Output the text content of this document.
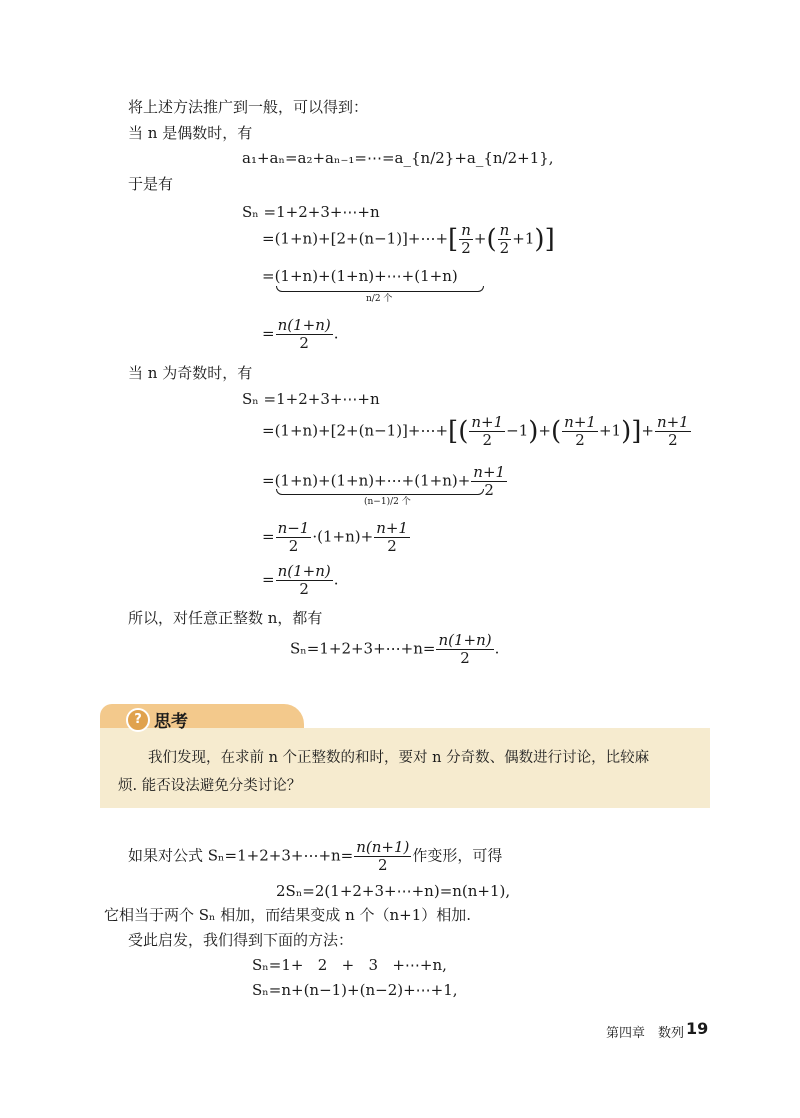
将上述方法推广到一般，可以得到：
当 n 是偶数时，有
a₁+aₙ=a₂+aₙ₋₁=⋯=a_{n/2}+a_{n/2+1},
于是有
Sₙ =1+2+3+⋯+n
=(1+n)+[2+(n−1)]+⋯+[ $\frac{n}{2}$ +( $\frac{n}{2} +1$)]
=(1+n)+(1+n)+⋯+(1+n)
n/2 个
= $\frac{n(1+n)}{2}$ .
当 n 为奇数时，有
Sₙ =1+2+3+⋯+n
=(1+n)+[2+(n−1)]+⋯+[( $\frac{n+1}{2} -1)+( \frac{n+1}{2} +1)]+ \frac{n+1}{2}$
=(1+n)+(1+n)+⋯+(1+n)+ $\frac{n+1}{2}$
(n−1)/2 个
= $\frac{n-1}{2} \cdot(1+n)+ \frac{n+1}{2}$
= $\frac{n(1+n)}{2}$ .
所以，对任意正整数 n，都有
Sₙ=1+2+3+⋯+n= $\frac{n(1+n)}{2}$ .
? 思考
我们发现，在求前 n 个正整数的和时，要对 n 分奇数、偶数进行讨论，比较麻
烦. 能否设法避免分类讨论？
如果对公式 Sₙ=1+2+3+⋯+n= $\frac{n(n+1)}{2}$ 作变形，可得
2Sₙ=2(1+2+3+⋯+n)=n(n+1),
它相当于两个 Sₙ 相加，而结果变成 n 个（n+1）相加.
受此启发，我们得到下面的方法：
Sₙ=1+   2   +   3   +⋯+n,
Sₙ=n+(n−1)+(n−2)+⋯+1,
第四章　数列 19
